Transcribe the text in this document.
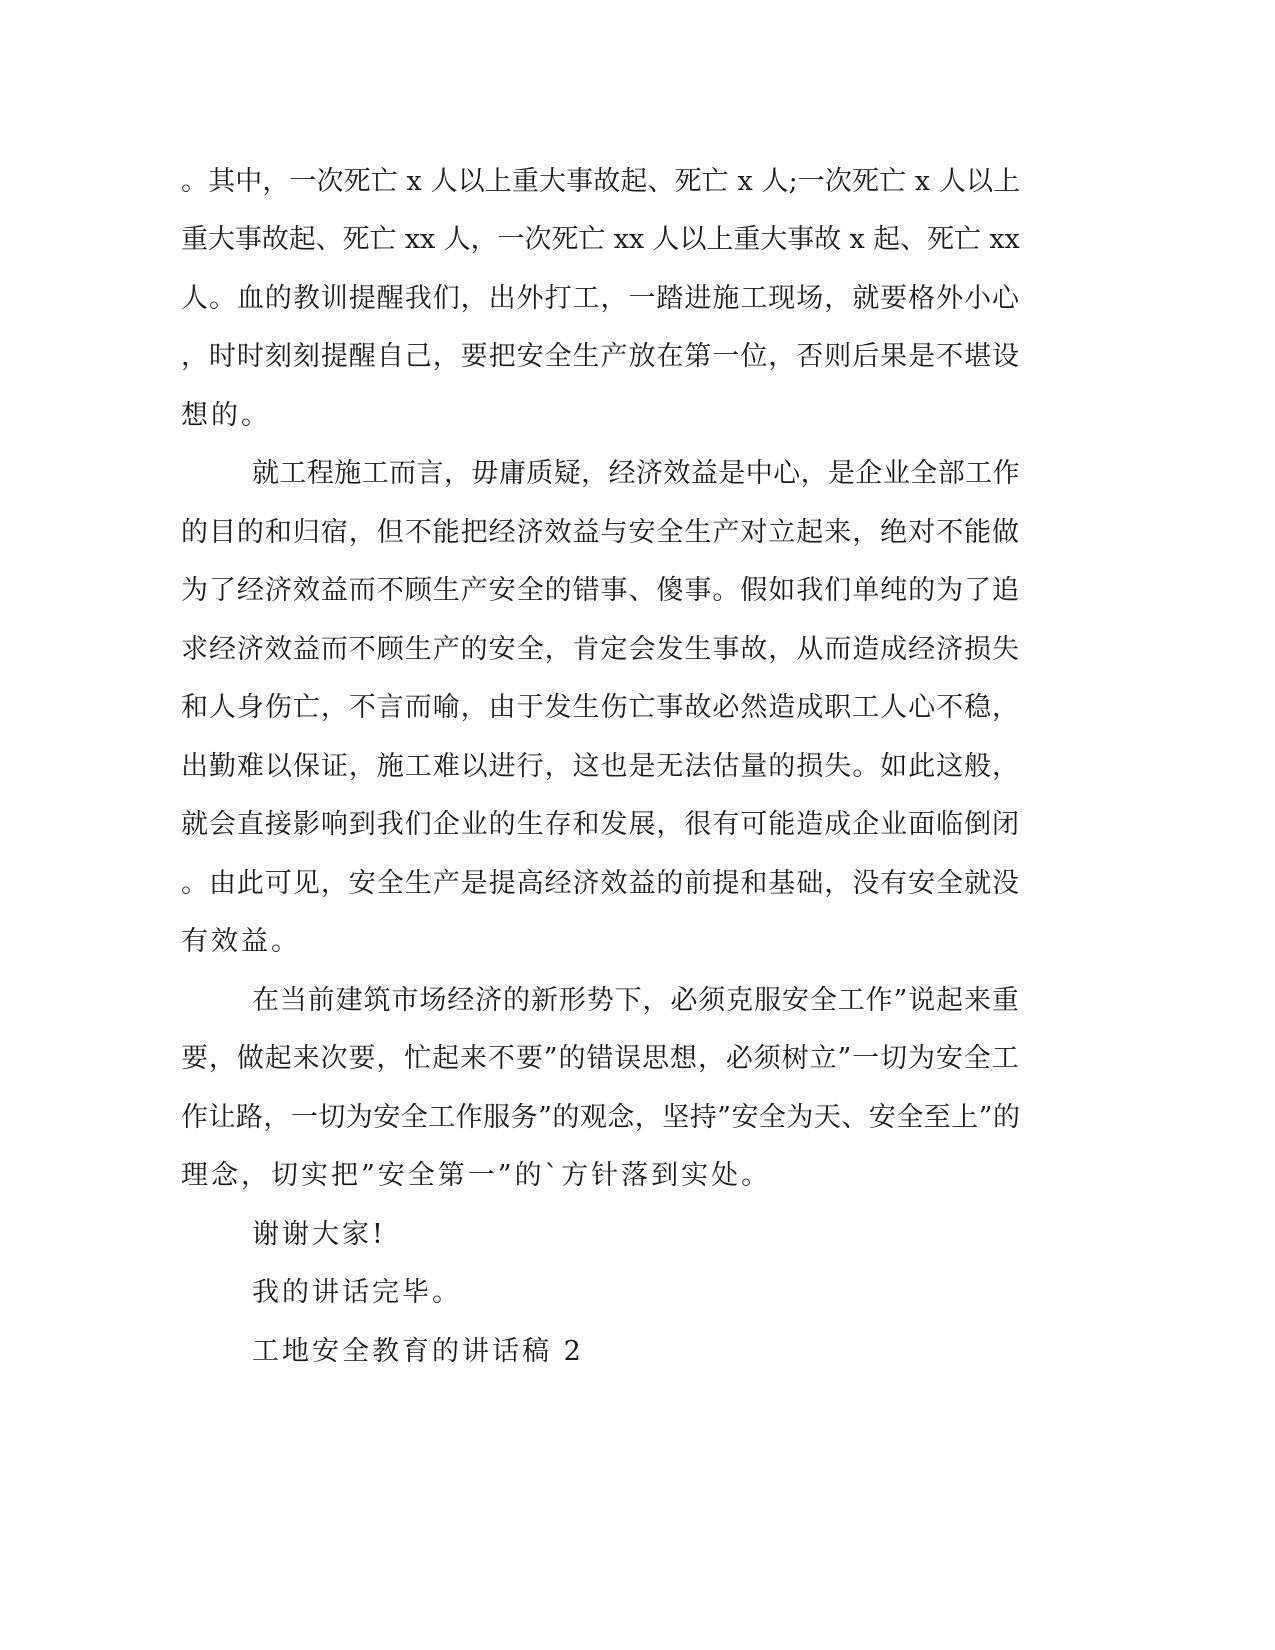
。其中，一次死亡 x 人以上重大事故起、死亡 x 人;一次死亡 x 人以上
重大事故起、死亡 xx 人，一次死亡 xx 人以上重大事故 x 起、死亡 xx
人。血的教训提醒我们，出外打工，一踏进施工现场，就要格外小心
，时时刻刻提醒自己，要把安全生产放在第一位，否则后果是不堪设
想的。
就工程施工而言，毋庸质疑，经济效益是中心，是企业全部工作
的目的和归宿，但不能把经济效益与安全生产对立起来，绝对不能做
为了经济效益而不顾生产安全的错事、傻事。假如我们单纯的为了追
求经济效益而不顾生产的安全，肯定会发生事故，从而造成经济损失
和人身伤亡，不言而喻，由于发生伤亡事故必然造成职工人心不稳，
出勤难以保证，施工难以进行，这也是无法估量的损失。如此这般，
就会直接影响到我们企业的生存和发展，很有可能造成企业面临倒闭
。由此可见，安全生产是提高经济效益的前提和基础，没有安全就没
有效益。
在当前建筑市场经济的新形势下，必须克服安全工作”说起来重
要，做起来次要，忙起来不要”的错误思想，必须树立”一切为安全工
作让路，一切为安全工作服务”的观念，坚持”安全为天、安全至上”的
理念，切实把”安全第一”的`方针落到实处。
谢谢大家!
我的讲话完毕。
工地安全教育的讲话稿 2
